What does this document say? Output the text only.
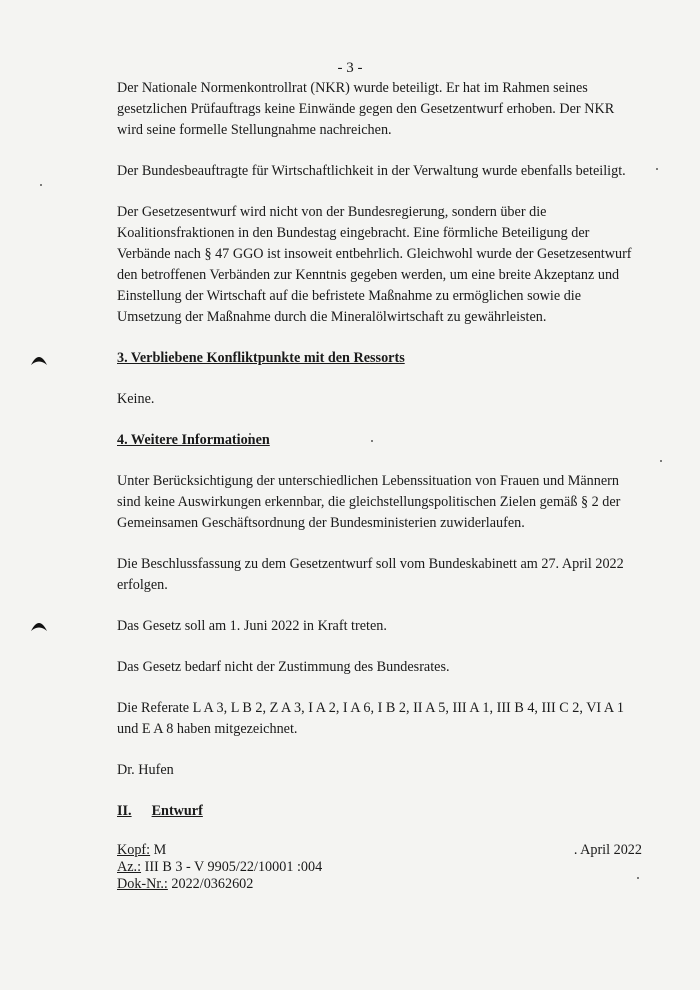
- 3 -

Der Nationale Normenkontrollrat (NKR) wurde beteiligt. Er hat im Rahmen seines gesetzlichen Prüfauftrags keine Einwände gegen den Gesetzentwurf erhoben. Der NKR wird seine formelle Stellungnahme nachreichen.

Der Bundesbeauftragte für Wirtschaftlichkeit in der Verwaltung wurde ebenfalls beteiligt.

Der Gesetzesentwurf wird nicht von der Bundesregierung, sondern über die Koalitionsfraktionen in den Bundestag eingebracht. Eine förmliche Beteiligung der Verbände nach § 47 GGO ist insoweit entbehrlich. Gleichwohl wurde der Gesetzesentwurf den betroffenen Verbänden zur Kenntnis gegeben werden, um eine breite Akzeptanz und Einstellung der Wirtschaft auf die befristete Maßnahme zu ermöglichen sowie die Umsetzung der Maßnahme durch die Mineralölwirtschaft zu gewährleisten.

3. Verbliebene Konfliktpunkte mit den Ressorts

Keine.

4. Weitere Informationen

Unter Berücksichtigung der unterschiedlichen Lebenssituation von Frauen und Männern sind keine Auswirkungen erkennbar, die gleichstellungspolitischen Zielen gemäß § 2 der Gemeinsamen Geschäftsordnung der Bundesministerien zuwiderlaufen.

Die Beschlussfassung zu dem Gesetzentwurf soll vom Bundeskabinett am 27. April 2022 erfolgen.

Das Gesetz soll am 1. Juni 2022 in Kraft treten.

Das Gesetz bedarf nicht der Zustimmung des Bundesrates.

Die Referate L A 3, L B 2, Z A 3, I A 2, I A 6, I B 2, II A 5, III A 1, III B 4, III C 2, VI A 1 und E A 8 haben mitgezeichnet.

Dr. Hufen

II. Entwurf
Kopf: M
Az.: III B 3 - V 9905/22/10001 :004
Dok-Nr.: 2022/0362602
. April 2022
